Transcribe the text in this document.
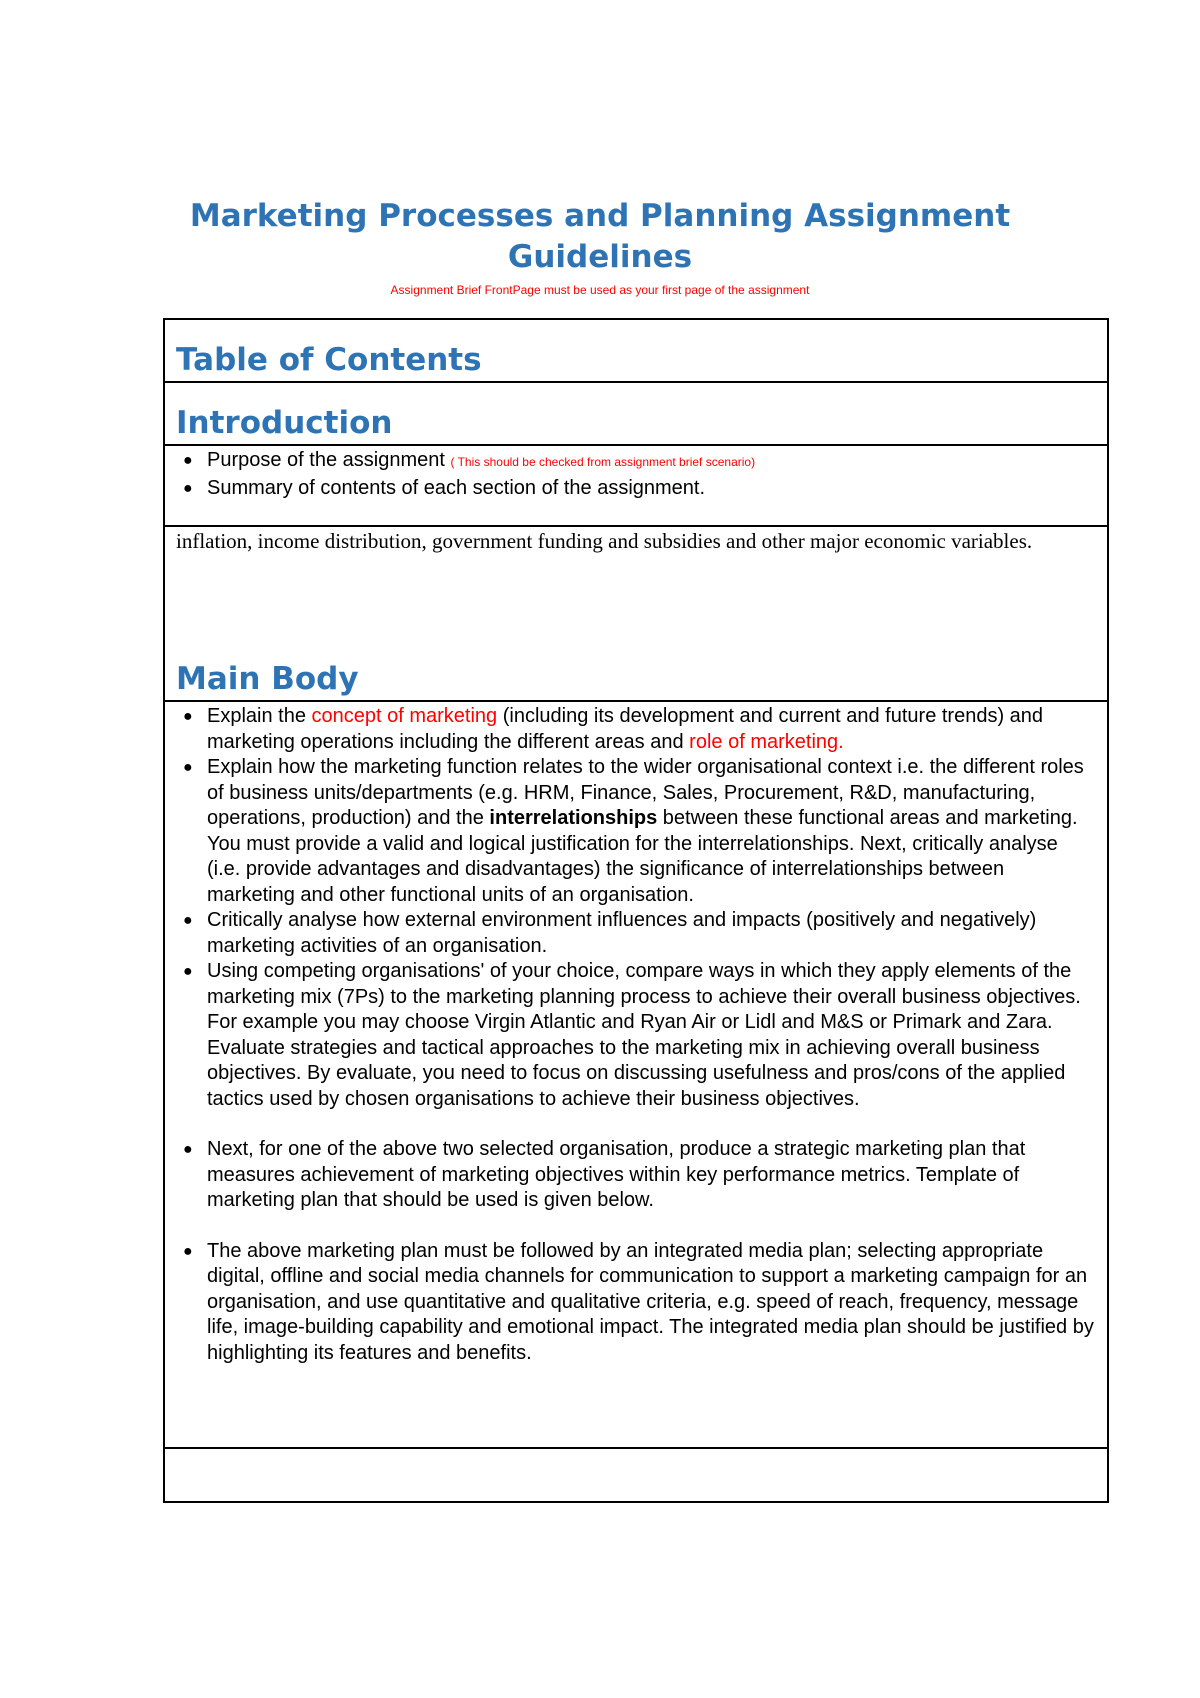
Marketing Processes and Planning Assignment Guidelines

Assignment Brief FrontPage must be used as your first page of the assignment

Table of Contents
Introduction
● Purpose of the assignment ( This should be checked from assignment brief scenario)
● Summary of contents of each section of the assignment.

inflation, income distribution, government funding and subsidies and other major economic variables.

Main Body
● Explain the concept of marketing (including its development and current and future trends) and marketing operations including the different areas and role of marketing.
● Explain how the marketing function relates to the wider organisational context i.e. the different roles of business units/departments (e.g. HRM, Finance, Sales, Procurement, R&D, manufacturing, operations, production) and the interrelationships between these functional areas and marketing. You must provide a valid and logical justification for the interrelationships. Next, critically analyse (i.e. provide advantages and disadvantages) the significance of interrelationships between marketing and other functional units of an organisation.
● Critically analyse how external environment influences and impacts (positively and negatively) marketing activities of an organisation.
● Using competing organisations' of your choice, compare ways in which they apply elements of the marketing mix (7Ps) to the marketing planning process to achieve their overall business objectives. For example you may choose Virgin Atlantic and Ryan Air or Lidl and M&S or Primark and Zara. Evaluate strategies and tactical approaches to the marketing mix in achieving overall business objectives. By evaluate, you need to focus on discussing usefulness and pros/cons of the applied tactics used by chosen organisations to achieve their business objectives.
● Next, for one of the above two selected organisation, produce a strategic marketing plan that measures achievement of marketing objectives within key performance metrics. Template of marketing plan that should be used is given below.
● The above marketing plan must be followed by an integrated media plan; selecting appropriate digital, offline and social media channels for communication to support a marketing campaign for an organisation, and use quantitative and qualitative criteria, e.g. speed of reach, frequency, message life, image-building capability and emotional impact. The integrated media plan should be justified by highlighting its features and benefits.
